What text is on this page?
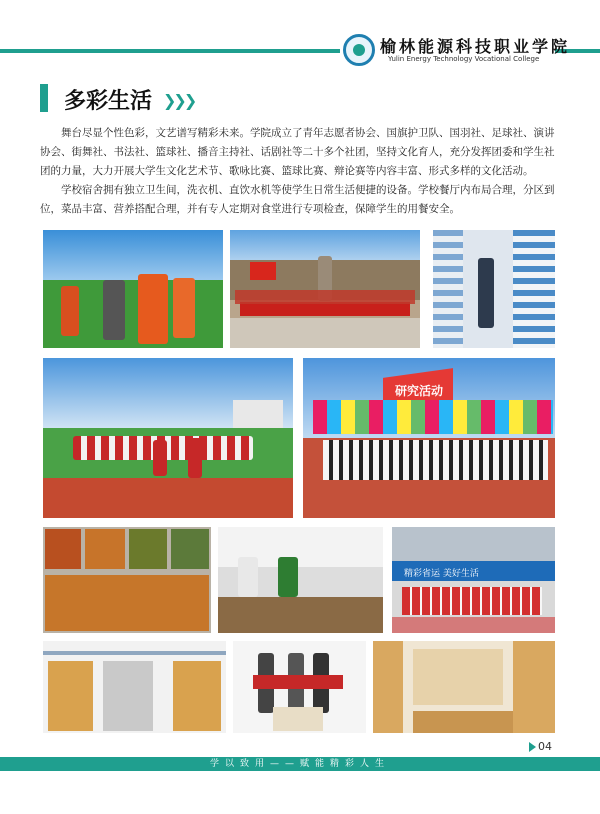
榆林能源科技职业学院
Yulin Energy Technology Vocational College
多彩生活 ❯❯❯

舞台尽显个性色彩，文艺谱写精彩未来。学院成立了青年志愿者协会、国旗护卫队、国羽社、足球社、演讲协会、街舞社、书法社、篮球社、播音主持社、话剧社等二十多个社团，坚持文化育人，充分发挥团委和学生社团的力量，大力开展大学生文化艺术节、歌咏比赛、篮球比赛、辩论赛等内容丰富、形式多样的文化活动。

学校宿舍拥有独立卫生间，洗衣机、直饮水机等使学生日常生活便捷的设备。学校餐厅内布局合理，分区到位，菜品丰富、营养搭配合理，并有专人定期对食堂进行专项检查，保障学生的用餐安全。

研究活动
精彩省运 美好生活
04
学以致用——赋能精彩人生
